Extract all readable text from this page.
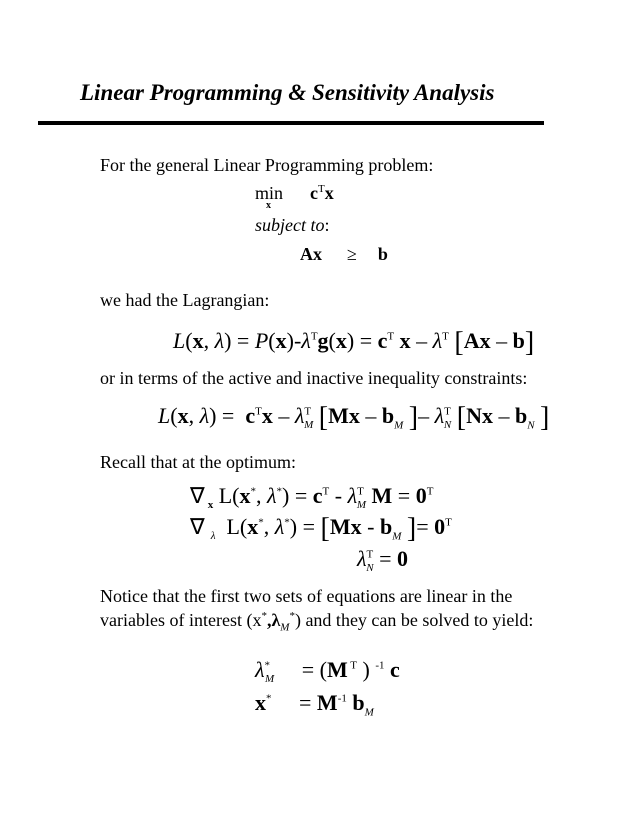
Linear Programming & Sensitivity Analysis
For the general Linear Programming problem:
min
x
$c^Tx$
subject to:
Ax ≥ b
we had the Lagrangian:
L(x, $\lambda) = P(x)-\lambda^Tg(x) = c^T$ x – $\lambda^T$ [Ax – b]
or in terms of the active and inactive inequality constraints:
L(x, $\lambda) = c^Tx - \lambda^T_M$ [$Mx - b_M$ ]– $\lambda^T_N$ [$Nx - b_N$ ]
Recall that at the optimum:
∇ $_x$ L(x*, $\lambda^*) = c^T - \lambda^T_M$ $M = 0^T$
∇ $_\lambda$  L(x*, $\lambda^*) = [Mx - b_M$ ]= $0^T$
$\lambda^T_N = 0$
Notice that the first two sets of equations are linear in the
variables of interest $(x^*,\lambda_M^*)$ and they can be solved to yield:
$\lambda^*_M$     = (M $^T$ ) $^{-1}$ c
x*     = $M^{-1}$ $b_M$
